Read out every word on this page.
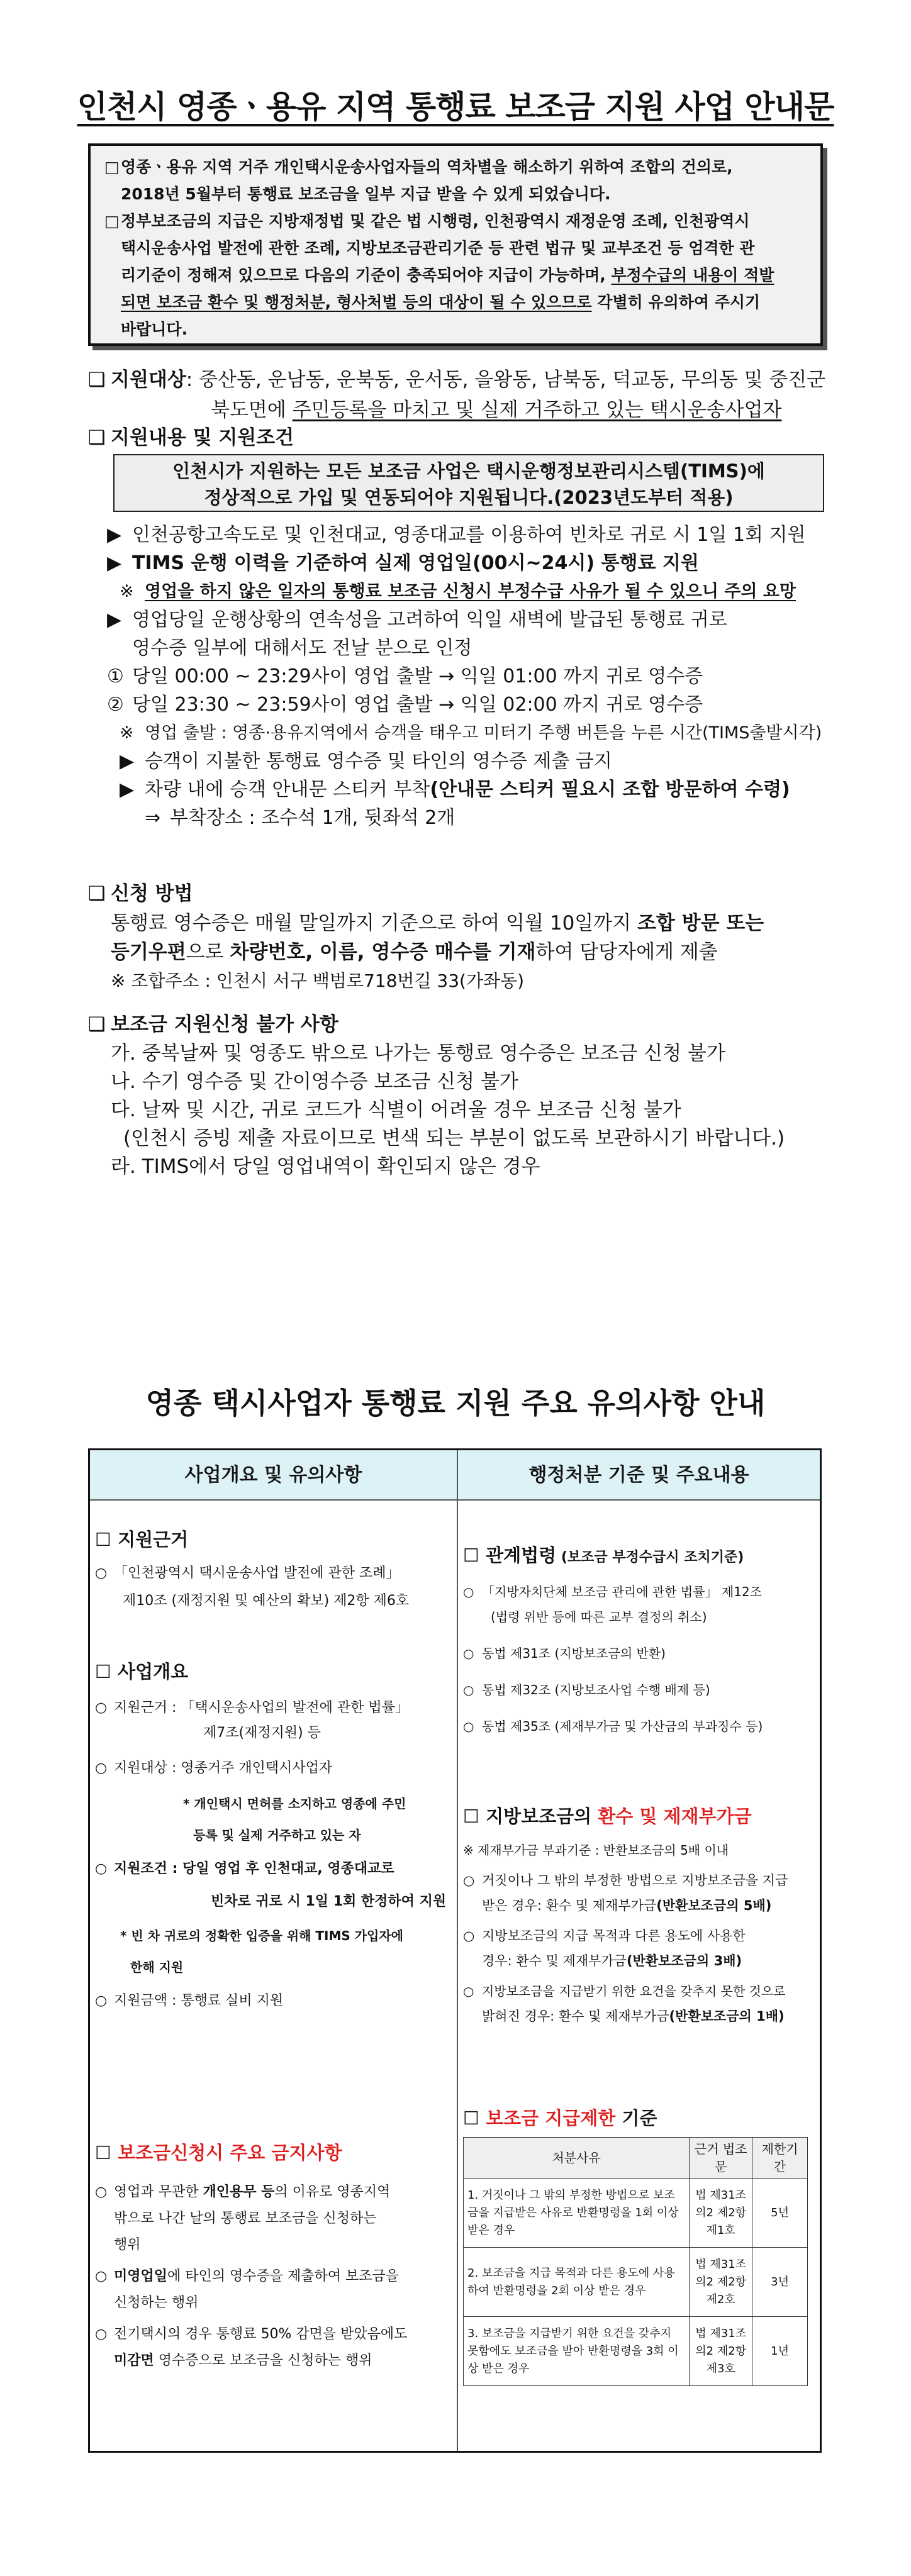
인천시 영종ㆍ용유 지역 통행료 보조금 지원 사업 안내문
□ 영종ㆍ용유 지역 거주 개인택시운송사업자들의 역차별을 해소하기 위하여 조합의 건의로,
2018년 5월부터 통행료 보조금을 일부 지급 받을 수 있게 되었습니다.
□ 정부보조금의 지급은 지방재정법 및 같은 법 시행령, 인천광역시 재정운영 조례, 인천광역시
택시운송사업 발전에 관한 조례, 지방보조금관리기준 등 관련 법규 및 교부조건 등 엄격한 관
리기준이 정해져 있으므로 다음의 기준이 충족되어야 지급이 가능하며, 부정수급의 내용이 적발
되면 보조금 환수 및 행정처분, 형사처벌 등의 대상이 될 수 있으므로 각별히 유의하여 주시기
바랍니다.
❑ 지원대상 : 중산동, 운남동, 운북동, 운서동, 을왕동, 남북동, 덕교동, 무의동 및 중진군
북도면에 주민등록을 마치고 및 실제 거주하고 있는 택시운송사업자
❑ 지원내용 및 지원조건
인천시가 지원하는 모든 보조금 사업은 택시운행정보관리시스템(TIMS)에
정상적으로 가입 및 연동되어야 지원됩니다.(2023년도부터 적용)
▶ 인천공항고속도로 및 인천대교, 영종대교를 이용하여 빈차로 귀로 시 1일 1회 지원
▶ TIMS 운행 이력을 기준하여 실제 영업일(00시~24시) 통행료 지원
※ 영업을 하지 않은 일자의 통행료 보조금 신청시 부정수급 사유가 될 수 있으니 주의 요망
▶ 영업당일 운행상황의 연속성을 고려하여 익일 새벽에 발급된 통행료 귀로
영수증 일부에 대해서도 전날 분으로 인정
① 당일 00:00 ~ 23:29사이 영업 출발 → 익일 01:00 까지 귀로 영수증
② 당일 23:30 ~ 23:59사이 영업 출발 → 익일 02:00 까지 귀로 영수증
※ 영업 출발 : 영종·용유지역에서 승객을 태우고 미터기 주행 버튼을 누른 시간(TIMS출발시각)
▶ 승객이 지불한 통행료 영수증 및 타인의 영수증 제출 금지
▶ 차량 내에 승객 안내문 스티커 부착(안내문 스티커 필요시 조합 방문하여 수령)
⇒ 부착장소 : 조수석 1개, 뒷좌석 2개
❑ 신청 방법
통행료 영수증은 매월 말일까지 기준으로 하여 익월 10일까지 조합 방문 또는
등기우편으로 차량번호, 이름, 영수증 매수를 기재하여 담당자에게 제출
※ 조합주소 : 인천시 서구 백범로718번길 33(가좌동)
❑ 보조금 지원신청 불가 사항
가. 중복날짜 및 영종도 밖으로 나가는 통행료 영수증은 보조금 신청 불가
나. 수기 영수증 및 간이영수증 보조금 신청 불가
다. 날짜 및 시간, 귀로 코드가 식별이 어려울 경우 보조금 신청 불가
(인천시 증빙 제출 자료이므로 변색 되는 부분이 없도록 보관하시기 바랍니다.)
라. TIMS에서 당일 영업내역이 확인되지 않은 경우
영종 택시사업자 통행료 지원 주요 유의사항 안내
사업개요 및 유의사항
☐ 지원근거
○ 「인천광역시 택시운송사업 발전에 관한 조례」
제10조 (재정지원 및 예산의 확보) 제2항 제6호
☐ 사업개요
○ 지원근거 : 「택시운송사업의 발전에 관한 법률」
제7조(재정지원) 등
○ 지원대상 : 영종거주 개인택시사업자
* 개인택시 면허를 소지하고 영종에 주민
등록 및 실제 거주하고 있는 자
○ 지원조건 : 당일 영업 후 인천대교, 영종대교로
빈차로 귀로 시 1일 1회 한정하여 지원
* 빈 차 귀로의 정확한 입증을 위해 TIMS 가입자에
한해 지원
○ 지원금액 : 통행료 실비 지원
☐ 보조금신청시 주요 금지사항
○ 영업과 무관한 개인용무 등의 이유로 영종지역
밖으로 나간 날의 통행료 보조금을 신청하는
행위
○ 미영업일에 타인의 영수증을 제출하여 보조금을
신청하는 행위
○ 전기택시의 경우 통행료 50% 감면을 받았음에도
미감면 영수증으로 보조금을 신청하는 행위
행정처분 기준 및 주요내용
☐ 관계법령 (보조금 부정수급시 조치기준)
○ 「지방자치단체 보조금 관리에 관한 법률」 제12조
(법령 위반 등에 따른 교부 결정의 취소)
○ 동법 제31조 (지방보조금의 반환)
○ 동법 제32조 (지방보조사업 수행 배제 등)
○ 동법 제35조 (제재부가금 및 가산금의 부과징수 등)
☐ 지방보조금의 환수 및 제재부가금
※ 제재부가금 부과기준 : 반환보조금의 5배 이내
○ 거짓이나 그 밖의 부정한 방법으로 지방보조금을 지급
받은 경우: 환수 및 제재부가금(반환보조금의 5배)
○ 지방보조금의 지급 목적과 다른 용도에 사용한
경우: 환수 및 제재부가금(반환보조금의 3배)
○ 지방보조금을 지급받기 위한 요건을 갖추지 못한 것으로
밝혀진 경우: 환수 및 제재부가금(반환보조금의 1배)
☐ 보조금 지급제한 기준
처분사유	근거 법조문	제한기간
1. 거짓이나 그 밖의 부정한 방법으로 보조금을 지급받은 사유로 반환명령을 1회 이상 받은 경우	법 제31조의2 제2항제1호	5년
2. 보조금을 지급 목적과 다른 용도에 사용하여 반환명령을 2회 이상 받은 경우	법 제31조의2 제2항제2호	3년
3. 보조금을 지급받기 위한 요건을 갖추지 못함에도 보조금을 받아 반환명령을 3회 이상 받은 경우	법 제31조의2 제2항제3호	1년
